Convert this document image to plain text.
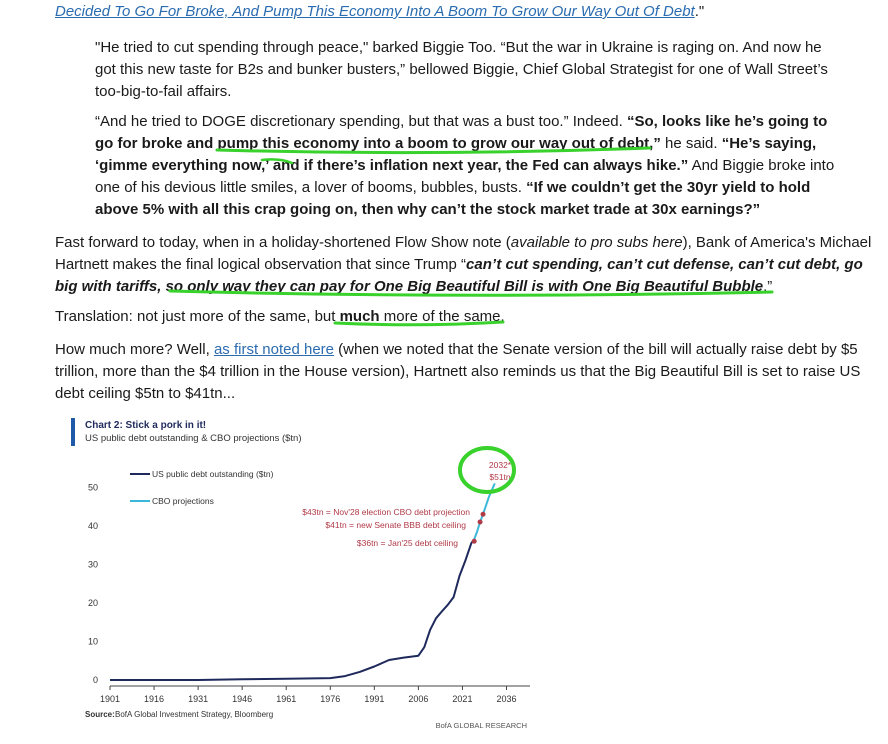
Decided To Go For Broke, And Pump This Economy Into A Boom To Grow Our Way Out Of Debt."

"He tried to cut spending through peace," barked Biggie Too. “But the war in Ukraine is raging on. And now he got this new taste for B2s and bunker busters,” bellowed Biggie, Chief Global Strategist for one of Wall Street’s too-big-to-fail affairs.

“And he tried to DOGE discretionary spending, but that was a bust too.” Indeed. “So, looks like he’s going to go for broke and pump this economy into a boom to grow our way out of debt,” he said. “He’s saying, ‘gimme everything now,’ and if there’s inflation next year, the Fed can always hike.” And Biggie broke into one of his devious little smiles, a lover of booms, bubbles, busts. “If we couldn’t get the 30yr yield to hold above 5% with all this crap going on, then why can’t the stock market trade at 30x earnings?”

Fast forward to today, when in a holiday-shortened Flow Show note (available to pro subs here), Bank of America's Michael Hartnett makes the final logical observation that since Trump “can’t cut spending, can’t cut defense, can’t cut debt, go big with tariffs, so only way they can pay for One Big Beautiful Bill is with One Big Beautiful Bubble.”

Translation: not just more of the same, but much more of the same.

How much more? Well, as first noted here (when we noted that the Senate version of the bill will actually raise debt by $5 trillion, more than the $4 trillion in the House version), Hartnett also reminds us that the Big Beautiful Bill is set to raise US debt ceiling $5tn to $41tn...

Chart 2: Stick a pork in it!
US public debt outstanding & CBO projections ($tn)
1901	1916	1931	1946	1961	1976	1991	2006	2021	2036
0
10
20
30
40
50
US public debt outstanding ($tn)
CBO projections
2032*
$51tn
$43tn = Nov'28 election CBO debt projection
$41tn = new Senate BBB debt ceiling
$36tn = Jan'25 debt ceiling
Source: BofA Global Investment Strategy, Bloomberg
BofA GLOBAL RESEARCH
